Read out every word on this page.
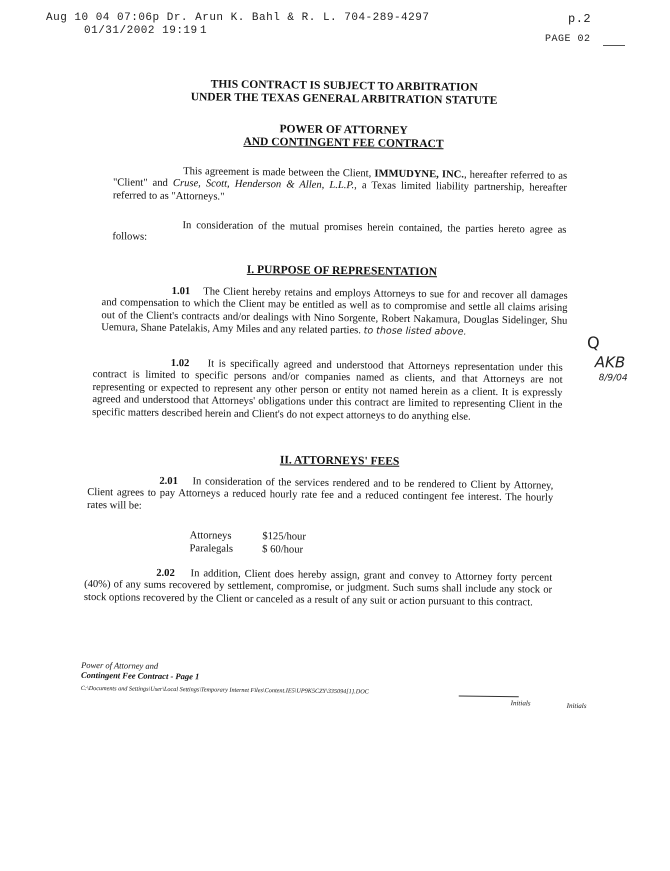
Aug 10 04 07:06p Dr. Arun K. Bahl & R. L. 704-289-4297	p.2
01/31/2002 19:19 1
PAGE 02
THIS CONTRACT IS SUBJECT TO ARBITRATION
UNDER THE TEXAS GENERAL ARBITRATION STATUTE
POWER OF ATTORNEY
AND CONTINGENT FEE CONTRACT
This agreement is made between the Client, IMMUDYNE, INC., hereafter referred to as "Client" and Cruse, Scott, Henderson & Allen, L.L.P., a Texas limited liability partnership, hereafter referred to as "Attorneys."
In consideration of the mutual promises herein contained, the parties hereto agree as follows:
I. PURPOSE OF REPRESENTATION
1.01 The Client hereby retains and employs Attorneys to sue for and recover all damages and compensation to which the Client may be entitled as well as to compromise and settle all claims arising out of the Client's contracts and/or dealings with Nino Sorgente, Robert Nakamura, Douglas Sidelinger, Shu Uemura, Shane Patelakis, Amy Miles and any related parties. to those listed above.
Q
AKB
8/9/04
1.02 It is specifically agreed and understood that Attorneys representation under this contract is limited to specific persons and/or companies named as clients, and that Attorneys are not representing or expected to represent any other person or entity not named herein as a client. It is expressly agreed and understood that Attorneys' obligations under this contract are limited to representing Client in the specific matters described herein and Client's do not expect attorneys to do anything else.
II. ATTORNEYS' FEES
2.01 In consideration of the services rendered and to be rendered to Client by Attorney, Client agrees to pay Attorneys a reduced hourly rate fee and a reduced contingent fee interest. The hourly rates will be:
Attorneys	$125/hour
Paralegals	$ 60/hour
2.02 In addition, Client does hereby assign, grant and convey to Attorney forty percent (40%) of any sums recovered by settlement, compromise, or judgment. Such sums shall include any stock or stock options recovered by the Client or canceled as a result of any suit or action pursuant to this contract.
Power of Attorney and
Contingent Fee Contract - Page 1
C:\Documents and Settings\User\Local Settings\Temporary Internet Files\Content.IE5\UP9K5CZY\335094[1].DOC
Initials	Initials
